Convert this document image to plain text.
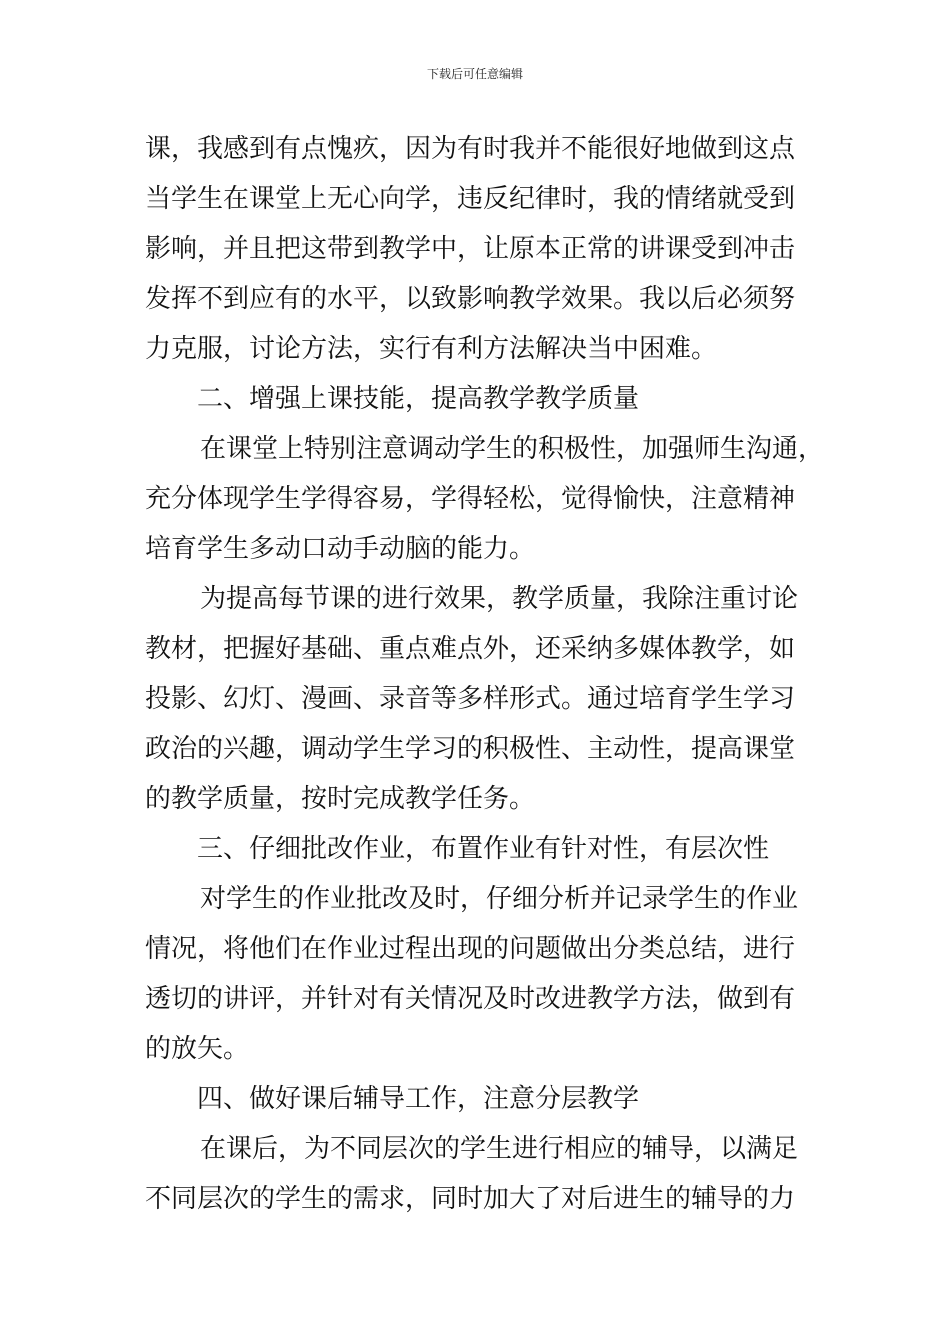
下载后可任意编辑
课，我感到有点愧疚，因为有时我并不能很好地做到这点
当学生在课堂上无心向学，违反纪律时，我的情绪就受到
影响，并且把这带到教学中，让原本正常的讲课受到冲击
发挥不到应有的水平，以致影响教学效果。我以后必须努
力克服，讨论方法，实行有利方法解决当中困难。
二、增强上课技能，提高教学教学质量
在课堂上特别注意调动学生的积极性，加强师生沟通，
充分体现学生学得容易，学得轻松，觉得愉快，注意精神
培育学生多动口动手动脑的能力。
为提高每节课的进行效果，教学质量，我除注重讨论
教材，把握好基础、重点难点外，还采纳多媒体教学，如
投影、幻灯、漫画、录音等多样形式。通过培育学生学习
政治的兴趣，调动学生学习的积极性、主动性，提高课堂
的教学质量，按时完成教学任务。
三、仔细批改作业，布置作业有针对性，有层次性
对学生的作业批改及时，仔细分析并记录学生的作业
情况，将他们在作业过程出现的问题做出分类总结，进行
透切的讲评，并针对有关情况及时改进教学方法，做到有
的放矢。
四、做好课后辅导工作，注意分层教学
在课后，为不同层次的学生进行相应的辅导，以满足
不同层次的学生的需求，同时加大了对后进生的辅导的力
